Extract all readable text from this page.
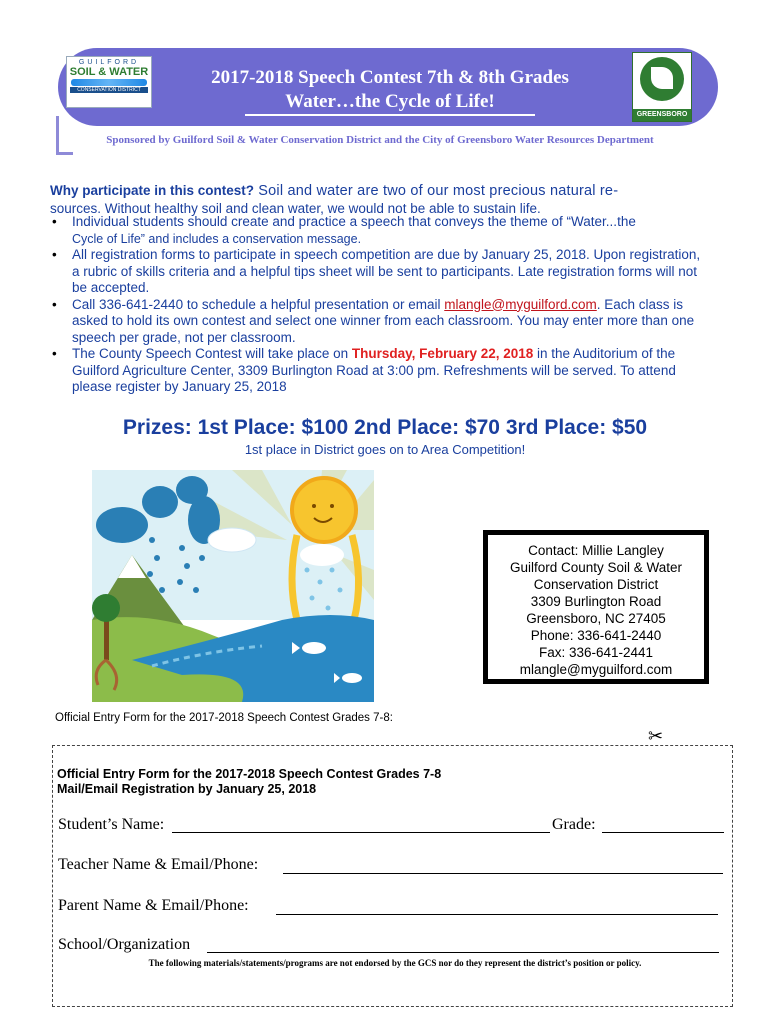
GUILFORD
SOIL & WATER
CONSERVATION DISTRICT
2017-2018 Speech Contest 7th & 8th Grades
Water…the Cycle of Life!
GREENSBORO
Sponsored by Guilford Soil & Water Conservation District and the City of Greensboro Water Resources Department
Why participate in this contest? Soil and water are two of our most precious natural re-
sources. Without healthy soil and clean water, we would not be able to sustain life.
• Individual students should create and practice a speech that conveys the theme of “Water...the
Cycle of Life” and includes a conservation message.
• All registration forms to participate in speech competition are due by January 25, 2018. Upon registration, a rubric of skills criteria and a helpful tips sheet will be sent to participants. Late registration forms will not be accepted.
• Call 336-641-2440 to schedule a helpful presentation or email mlangle@myguilford.com. Each class is asked to hold its own contest and select one winner from each classroom. You may enter more than one speech per grade, not per classroom.
• The County Speech Contest will take place on Thursday, February 22, 2018 in the Auditorium of the Guilford Agriculture Center, 3309 Burlington Road at 3:00 pm. Refreshments will be served. To attend please register by January 25, 2018
Prizes: 1st Place: $100 2nd Place: $70 3rd Place: $50
1st place in District goes on to Area Competition!
Contact: Millie Langley
Guilford County Soil & Water
Conservation District
3309 Burlington Road
Greensboro, NC 27405
Phone: 336-641-2440
Fax: 336-641-2441
mlangle@myguilford.com
Official Entry Form for the 2017-2018 Speech Contest Grades 7-8:
✂
Official Entry Form for the 2017-2018 Speech Contest Grades 7-8
Mail/Email Registration by January 25, 2018
Student’s Name:	Grade:
Teacher Name & Email/Phone:
Parent Name & Email/Phone:
School/Organization
The following materials/statements/programs are not endorsed by the GCS nor do they represent the district’s position or policy.
